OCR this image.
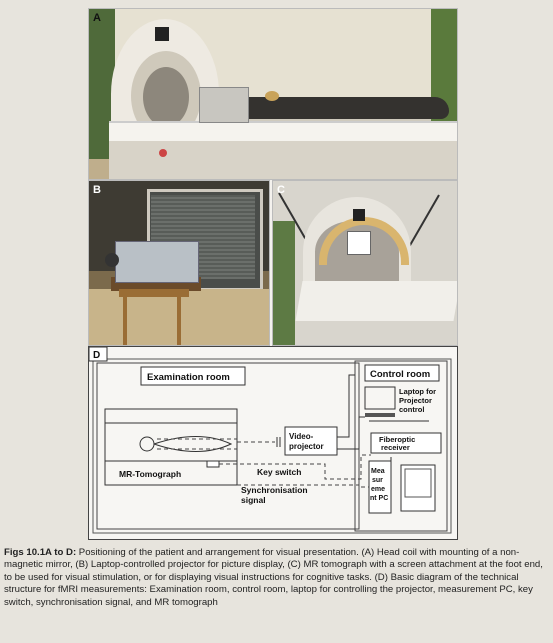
A
B	C
Examination room	Control room
Laptop for
Projector
control
Fiberoptic
receiver
Mea
sur
eme
nt PC
MR-Tomograph
Video-
projector
Key switch
Synchronisation
signal
D
Figs 10.1A to D: Positioning of the patient and arrangement for visual presentation. (A) Head coil with mounting of a non-magnetic mirror, (B) Laptop-controlled projector for picture display, (C) MR tomograph with a screen attachment at the foot end, to be used for visual stimulation, or for displaying visual instructions for cognitive tasks. (D) Basic diagram of the technical structure for fMRI measurements: Examination room, control room, laptop for controlling the projector, measurement PC, key switch, synchronisation signal, and MR tomograph
